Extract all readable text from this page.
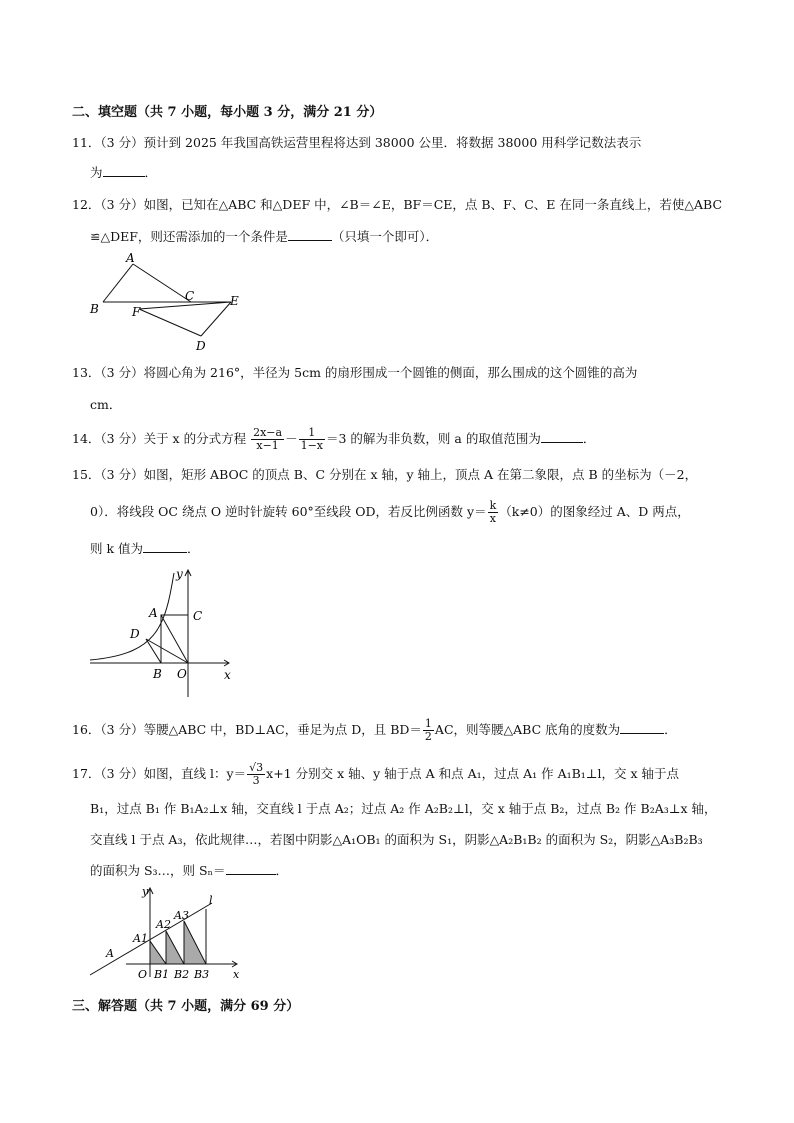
二、填空题（共 7 小题，每小题 3 分，满分 21 分）
11．（3 分）预计到 2025 年我国高铁运营里程将达到 38000 公里．将数据 38000 用科学记数法表示
为	．
12．（3 分）如图，已知在△ABC 和△DEF 中，∠B＝∠E，BF＝CE，点 B、F、C、E 在同一条直线上，若使△ABC
≌△DEF，则还需添加的一个条件是	（只填一个即可）．
A
B
C
D
E
F
13．（3 分）将圆心角为 216°，半径为 5cm 的扇形围成一个圆锥的侧面，那么围成的这个圆锥的高为
cm．
14．（3 分）关于 x 的分式方程 $\frac{2x-a}{x-1} - \frac{1}{1-x} =3$ 的解为非负数，则 a 的取值范围为	．
15．（3 分）如图，矩形 ABOC 的顶点 B、C 分别在 x 轴，y 轴上，顶点 A 在第二象限，点 B 的坐标为（－2，
0）．将线段 OC 绕点 O 逆时针旋转 60°至线段 OD，若反比例函数 $y= \frac{k}{x} (k\ne 0)$的图象经过 A、D 两点，
则 k 值为	．
y
x
A	C
D
B O
16．（3 分）等腰△ABC 中，BD⊥AC，垂足为点 D，且 $BD= \frac{1}{2}$ AC，则等腰△ABC 底角的度数为	．
17．（3 分）如图，直线 l：$y= \frac{√3}{3} x+1$ 分别交 x 轴、y 轴于点 A 和点 A₁，过点 A₁ 作 A₁B₁⊥l，交 x 轴于点
B₁，过点 B₁ 作 B₁A₂⊥x 轴，交直线 l 于点 A₂；过点 A₂ 作 A₂B₂⊥l，交 x 轴于点 B₂，过点 B₂ 作 B₂A₃⊥x 轴，
交直线 l 于点 A₃，依此规律…，若图中阴影△A₁OB₁ 的面积为 S₁，阴影△A₂B₁B₂ 的面积为 S₂，阴影△A₃B₂B₃
的面积为 S₃…，则 Sₙ＝	．
y
x
l
A
O
A1
A2
A3
B1 B2 B3
三、解答题（共 7 小题，满分 69 分）
